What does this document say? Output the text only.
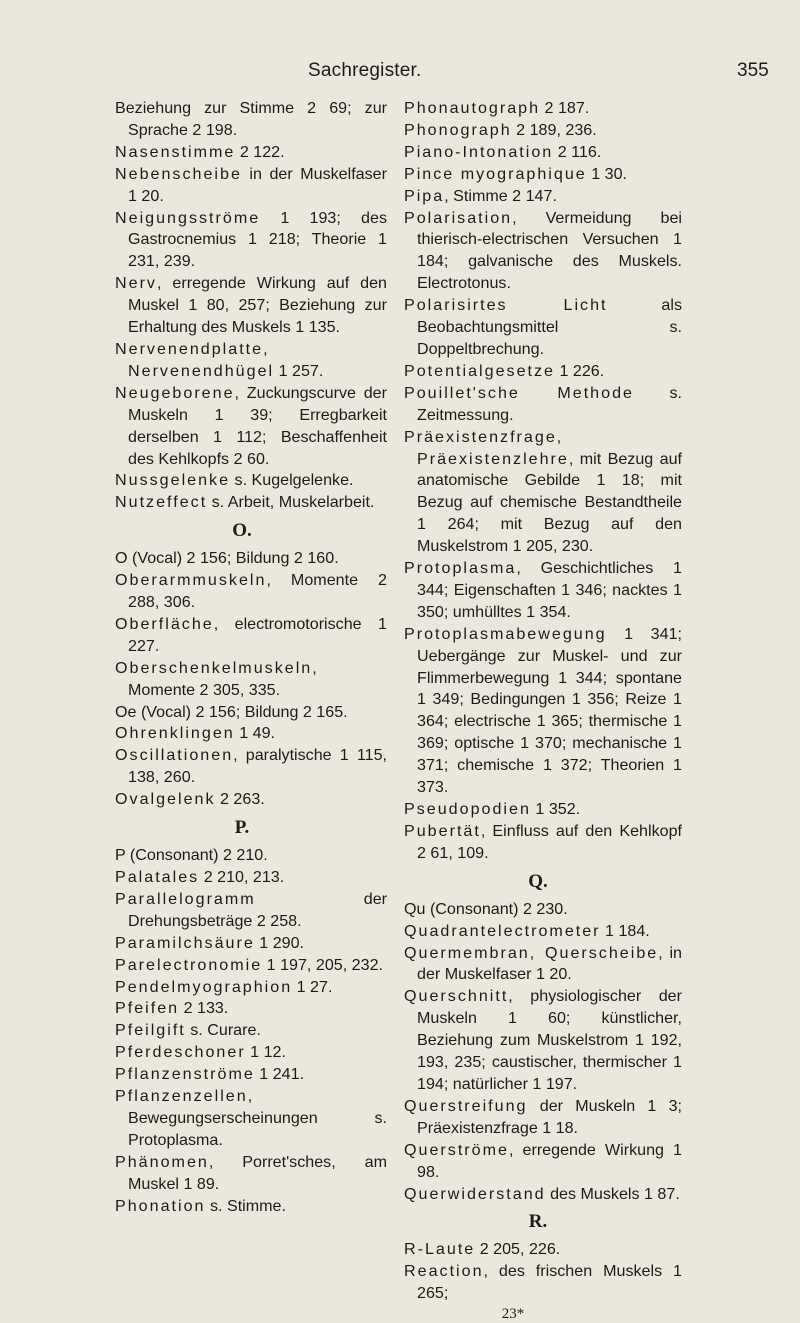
Sachregister.	355
Beziehung zur Stimme 2 69; zur Sprache 2 198.
Nasenstimme 2 122.
Nebenscheibe in der Muskelfaser 1 20.
Neigungsströme 1 193; des Gastrocnemius 1 218; Theorie 1 231, 239.
Nerv, erregende Wirkung auf den Muskel 1 80, 257; Beziehung zur Erhaltung des Muskels 1 135.
Nervenendplatte, Nervenendhügel 1 257.
Neugeborene, Zuckungscurve der Muskeln 1 39; Erregbarkeit derselben 1 112; Beschaffenheit des Kehlkopfs 2 60.
Nussgelenke s. Kugelgelenke.
Nutzeffect s. Arbeit, Muskelarbeit.
O.
O (Vocal) 2 156; Bildung 2 160.
Oberarmmuskeln, Momente 2 288, 306.
Oberfläche, electromotorische 1 227.
Oberschenkelmuskeln, Momente 2 305, 335.
Oe (Vocal) 2 156; Bildung 2 165.
Ohrenklingen 1 49.
Oscillationen, paralytische 1 115, 138, 260.
Ovalgelenk 2 263.
P.
P (Consonant) 2 210.
Palatales 2 210, 213.
Parallelogramm der Drehungsbeträge 2 258.
Paramilchsäure 1 290.
Parelectronomie 1 197, 205, 232.
Pendelmyographion 1 27.
Pfeifen 2 133.
Pfeilgift s. Curare.
Pferdeschoner 1 12.
Pflanzenströme 1 241.
Pflanzenzellen, Bewegungserscheinungen s. Protoplasma.
Phänomen, Porret'sches, am Muskel 1 89.
Phonation s. Stimme.
Phonautograph 2 187.
Phonograph 2 189, 236.
Piano-Intonation 2 116.
Pince myographique 1 30.
Pipa, Stimme 2 147.
Polarisation, Vermeidung bei thierisch-electrischen Versuchen 1 184; galvanische des Muskels. Electrotonus.
Polarisirtes Licht als Beobachtungsmittel s. Doppeltbrechung.
Potentialgesetze 1 226.
Pouillet'sche Methode s. Zeitmessung.
Präexistenzfrage, Präexistenzlehre, mit Bezug auf anatomische Gebilde 1 18; mit Bezug auf chemische Bestandtheile 1 264; mit Bezug auf den Muskelstrom 1 205, 230.
Protoplasma, Geschichtliches 1 344; Eigenschaften 1 346; nacktes 1 350; umhülltes 1 354.
Protoplasmabewegung 1 341; Uebergänge zur Muskel- und zur Flimmerbewegung 1 344; spontane 1 349; Bedingungen 1 356; Reize 1 364; electrische 1 365; thermische 1 369; optische 1 370; mechanische 1 371; chemische 1 372; Theorien 1 373.
Pseudopodien 1 352.
Pubertät, Einfluss auf den Kehlkopf 2 61, 109.
Q.
Qu (Consonant) 2 230.
Quadrantelectrometer 1 184.
Quermembran, Querscheibe, in der Muskelfaser 1 20.
Querschnitt, physiologischer der Muskeln 1 60; künstlicher, Beziehung zum Muskelstrom 1 192, 193, 235; caustischer, thermischer 1 194; natürlicher 1 197.
Querstreifung der Muskeln 1 3; Präexistenzfrage 1 18.
Querströme, erregende Wirkung 1 98.
Querwiderstand des Muskels 1 87.
R.
R-Laute 2 205, 226.
Reaction, des frischen Muskels 1 265;
23*
